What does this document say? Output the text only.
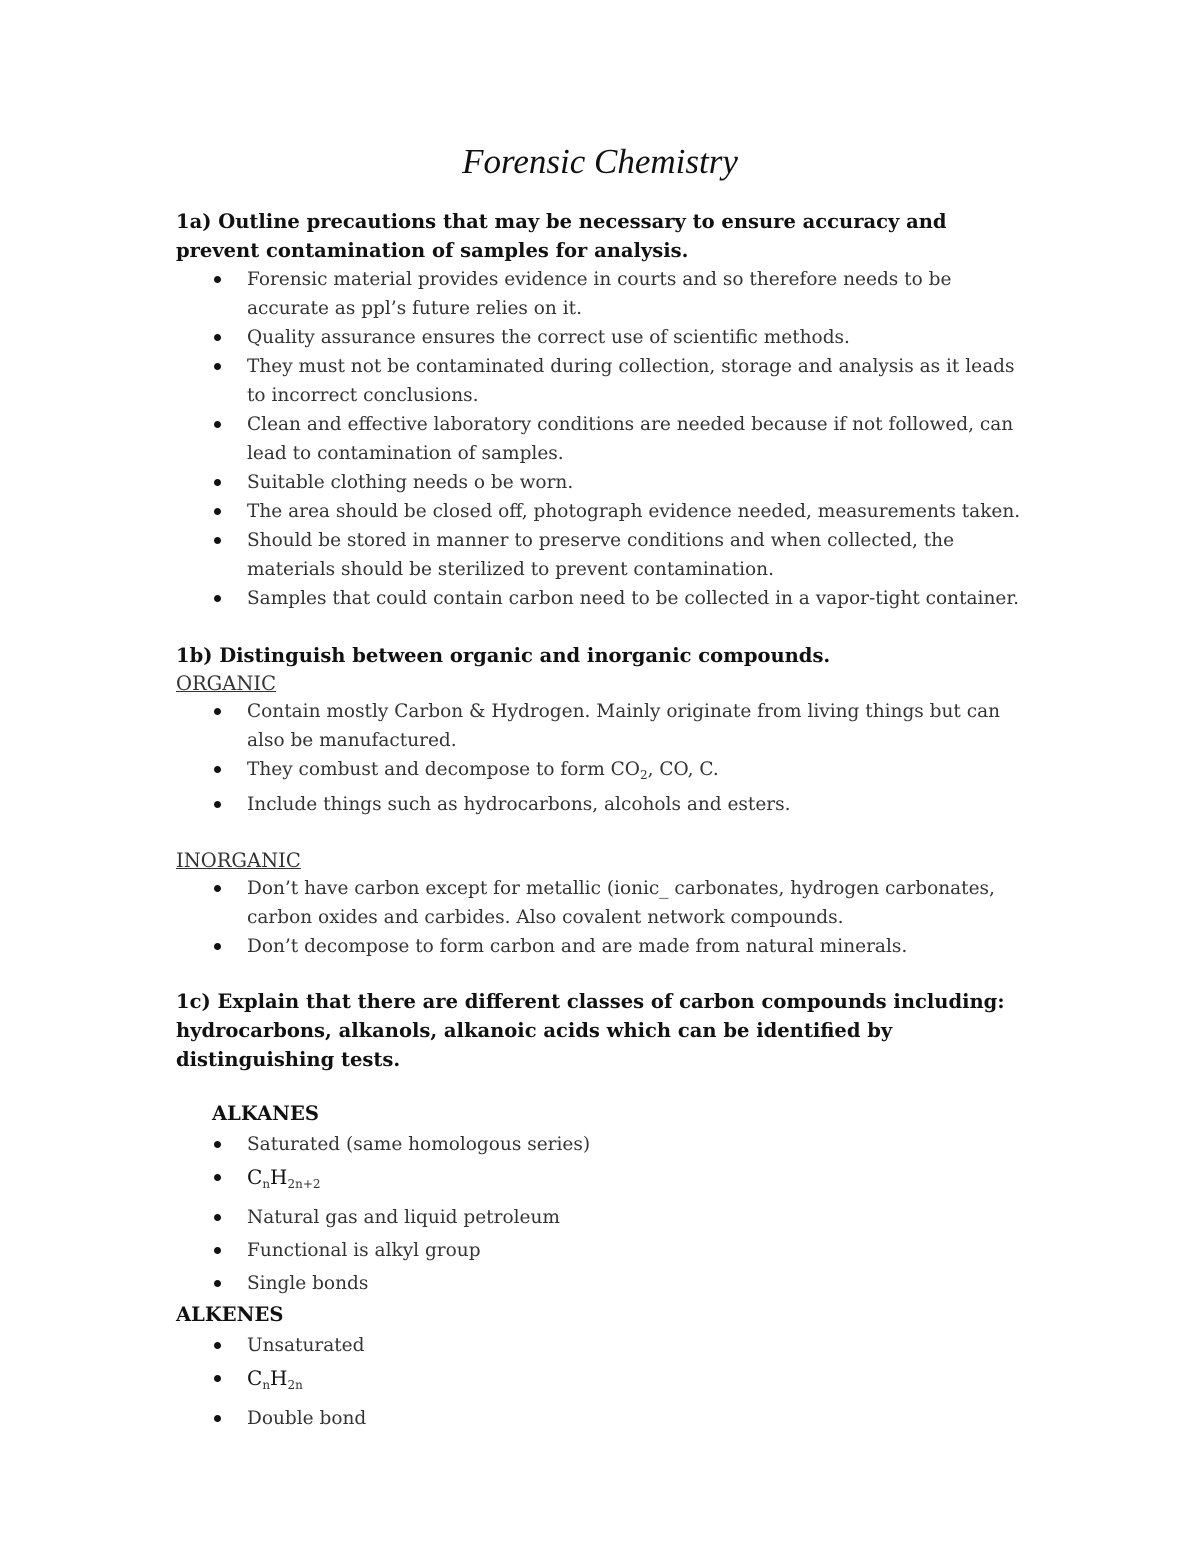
Forensic Chemistry

1a) Outline precautions that may be necessary to ensure accuracy and prevent contamination of samples for analysis.

Forensic material provides evidence in courts and so therefore needs to be accurate as ppl’s future relies on it.
Quality assurance ensures the correct use of scientific methods.
They must not be contaminated during collection, storage and analysis as it leads to incorrect conclusions.
Clean and effective laboratory conditions are needed because if not followed, can lead to contamination of samples.
Suitable clothing needs o be worn.
The area should be closed off, photograph evidence needed, measurements taken.
Should be stored in manner to preserve conditions and when collected, the materials should be sterilized to prevent contamination.
Samples that could contain carbon need to be collected in a vapor-tight container.

1b) Distinguish between organic and inorganic compounds.

ORGANIC

Contain mostly Carbon & Hydrogen. Mainly originate from living things but can also be manufactured.
They combust and decompose to form $CO_2$, CO, C.
Include things such as hydrocarbons, alcohols and esters.

INORGANIC

Don’t have carbon except for metallic (ionic_ carbonates, hydrogen carbonates, carbon oxides and carbides. Also covalent network compounds.
Don’t decompose to form carbon and are made from natural minerals.

1c) Explain that there are different classes of carbon compounds including: hydrocarbons, alkanols, alkanoic acids which can be identified by distinguishing tests.

ALKANES

Saturated (same homologous series)
$C_nH_{2n+2}$
Natural gas and liquid petroleum
Functional is alkyl group
Single bonds

ALKENES

Unsaturated
$C_nH_{2n}$
Double bond
